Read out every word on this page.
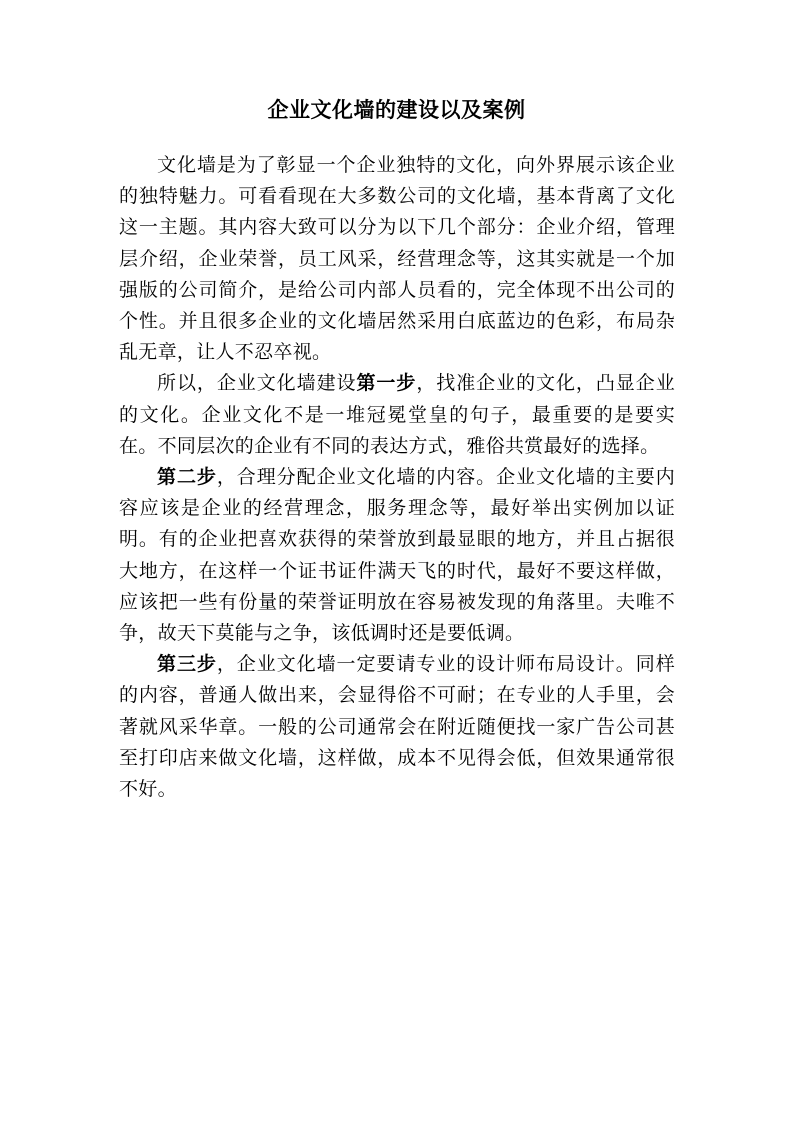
企业文化墙的建设以及案例

文化墙是为了彰显一个企业独特的文化，向外界展示该企业的独特魅力。可看看现在大多数公司的文化墙，基本背离了文化这一主题。其内容大致可以分为以下几个部分：企业介绍，管理层介绍，企业荣誉，员工风采，经营理念等，这其实就是一个加强版的公司简介，是给公司内部人员看的，完全体现不出公司的个性。并且很多企业的文化墙居然采用白底蓝边的色彩，布局杂乱无章，让人不忍卒视。

所以，企业文化墙建设第一步，找准企业的文化，凸显企业的文化。企业文化不是一堆冠冕堂皇的句子，最重要的是要实在。不同层次的企业有不同的表达方式，雅俗共赏最好的选择。

第二步，合理分配企业文化墙的内容。企业文化墙的主要内容应该是企业的经营理念，服务理念等，最好举出实例加以证明。有的企业把喜欢获得的荣誉放到最显眼的地方，并且占据很大地方，在这样一个证书证件满天飞的时代，最好不要这样做，应该把一些有份量的荣誉证明放在容易被发现的角落里。夫唯不争，故天下莫能与之争，该低调时还是要低调。

第三步，企业文化墙一定要请专业的设计师布局设计。同样的内容，普通人做出来，会显得俗不可耐；在专业的人手里，会著就风采华章。一般的公司通常会在附近随便找一家广告公司甚至打印店来做文化墙，这样做，成本不见得会低，但效果通常很不好。
